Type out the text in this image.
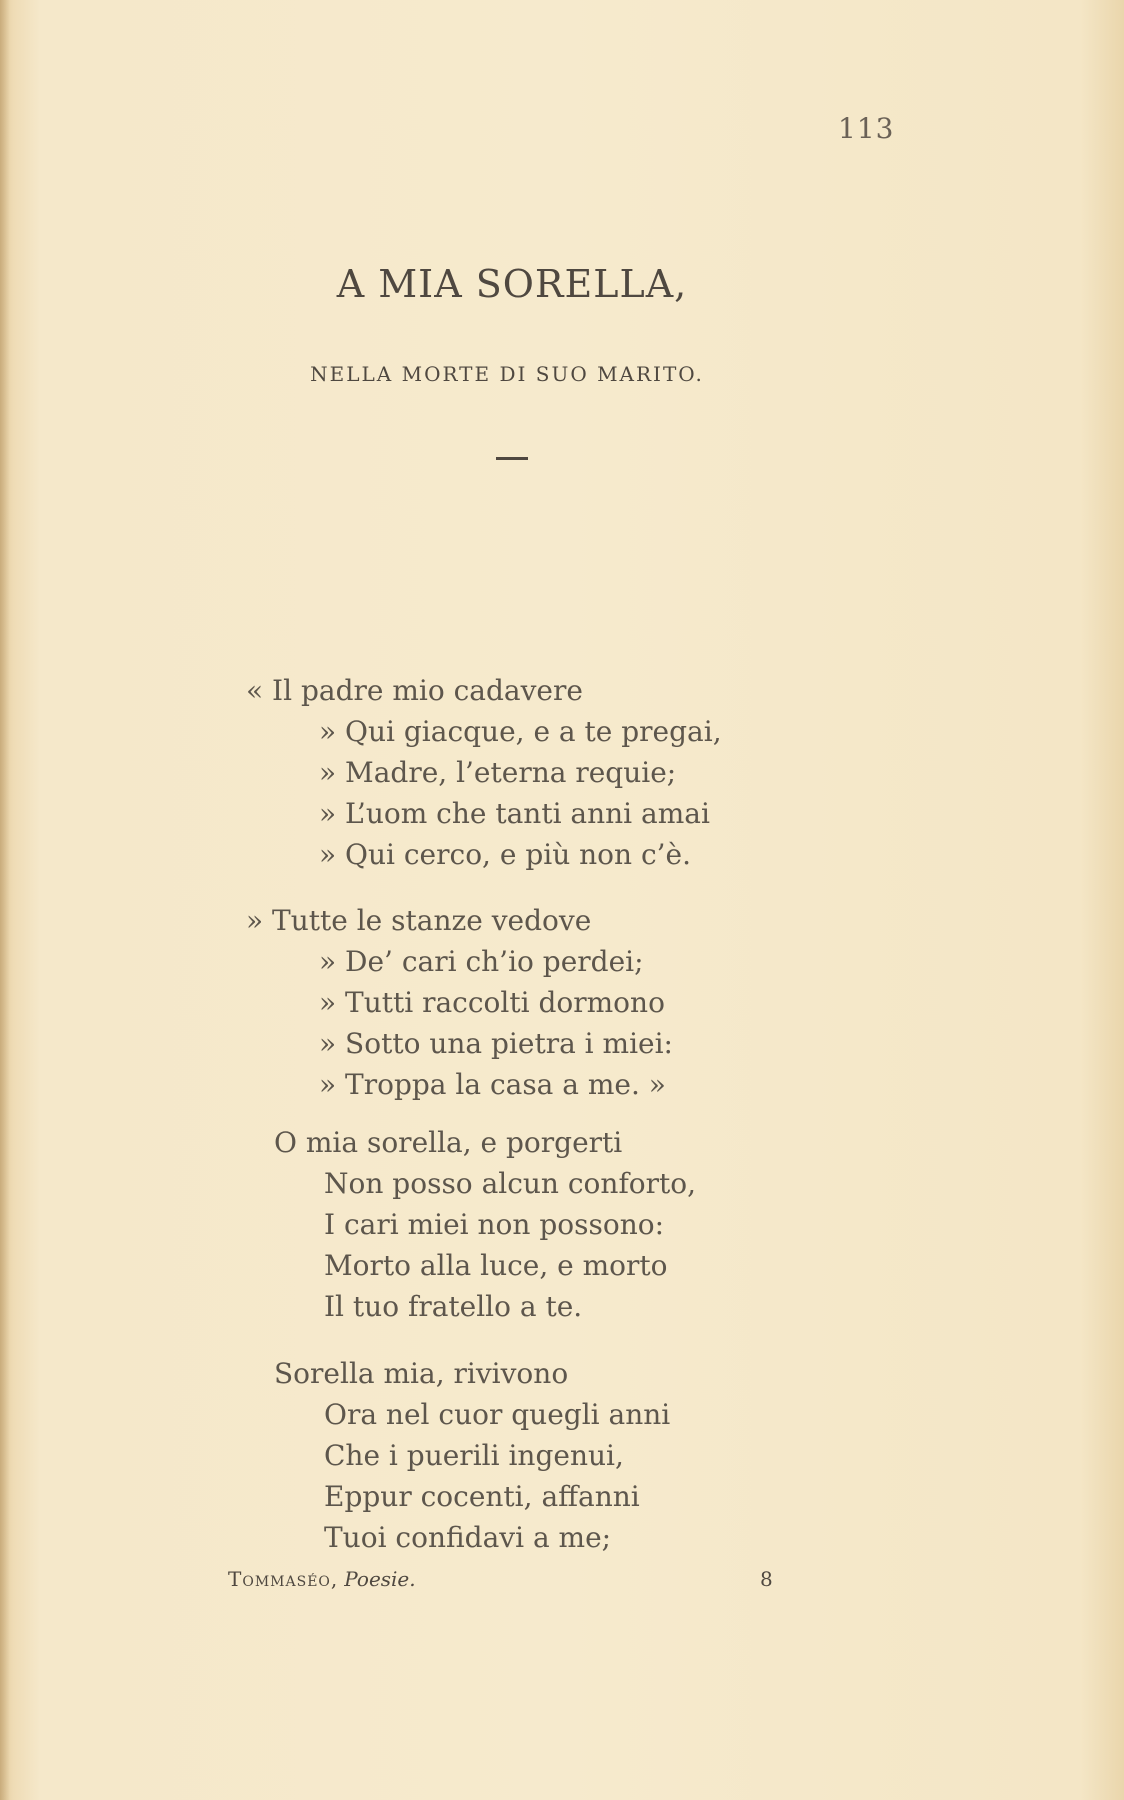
113
A MIA SORELLA,
NELLA MORTE DI SUO MARITO.
« Il padre mio cadavere
» Qui giacque, e a te pregai,
» Madre, l’eterna requie;
» L’uom che tanti anni amai
» Qui cerco, e più non c’è.
» Tutte le stanze vedove
» De’ cari ch’io perdei;
» Tutti raccolti dormono
» Sotto una pietra i miei:
» Troppa la casa a me. »
O mia sorella, e porgerti
Non posso alcun conforto,
I cari miei non possono:
Morto alla luce, e morto
Il tuo fratello a te.
Sorella mia, rivivono
Ora nel cuor quegli anni
Che i puerili ingenui,
Eppur cocenti, affanni
Tuoi confidavi a me;
Tommaséo, Poesie.	8
